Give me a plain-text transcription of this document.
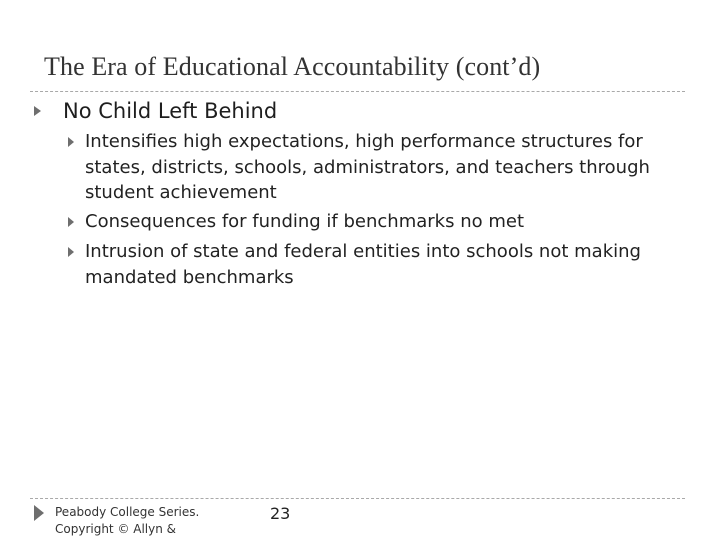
The Era of Educational Accountability (cont’d)
No Child Left Behind
Intensifies high expectations, high performance structures for states, districts, schools, administrators, and teachers through student achievement
Consequences for funding if benchmarks no met
Intrusion of state and federal entities into schools not making mandated benchmarks
Peabody College Series.
Copyright © Allyn &
23
